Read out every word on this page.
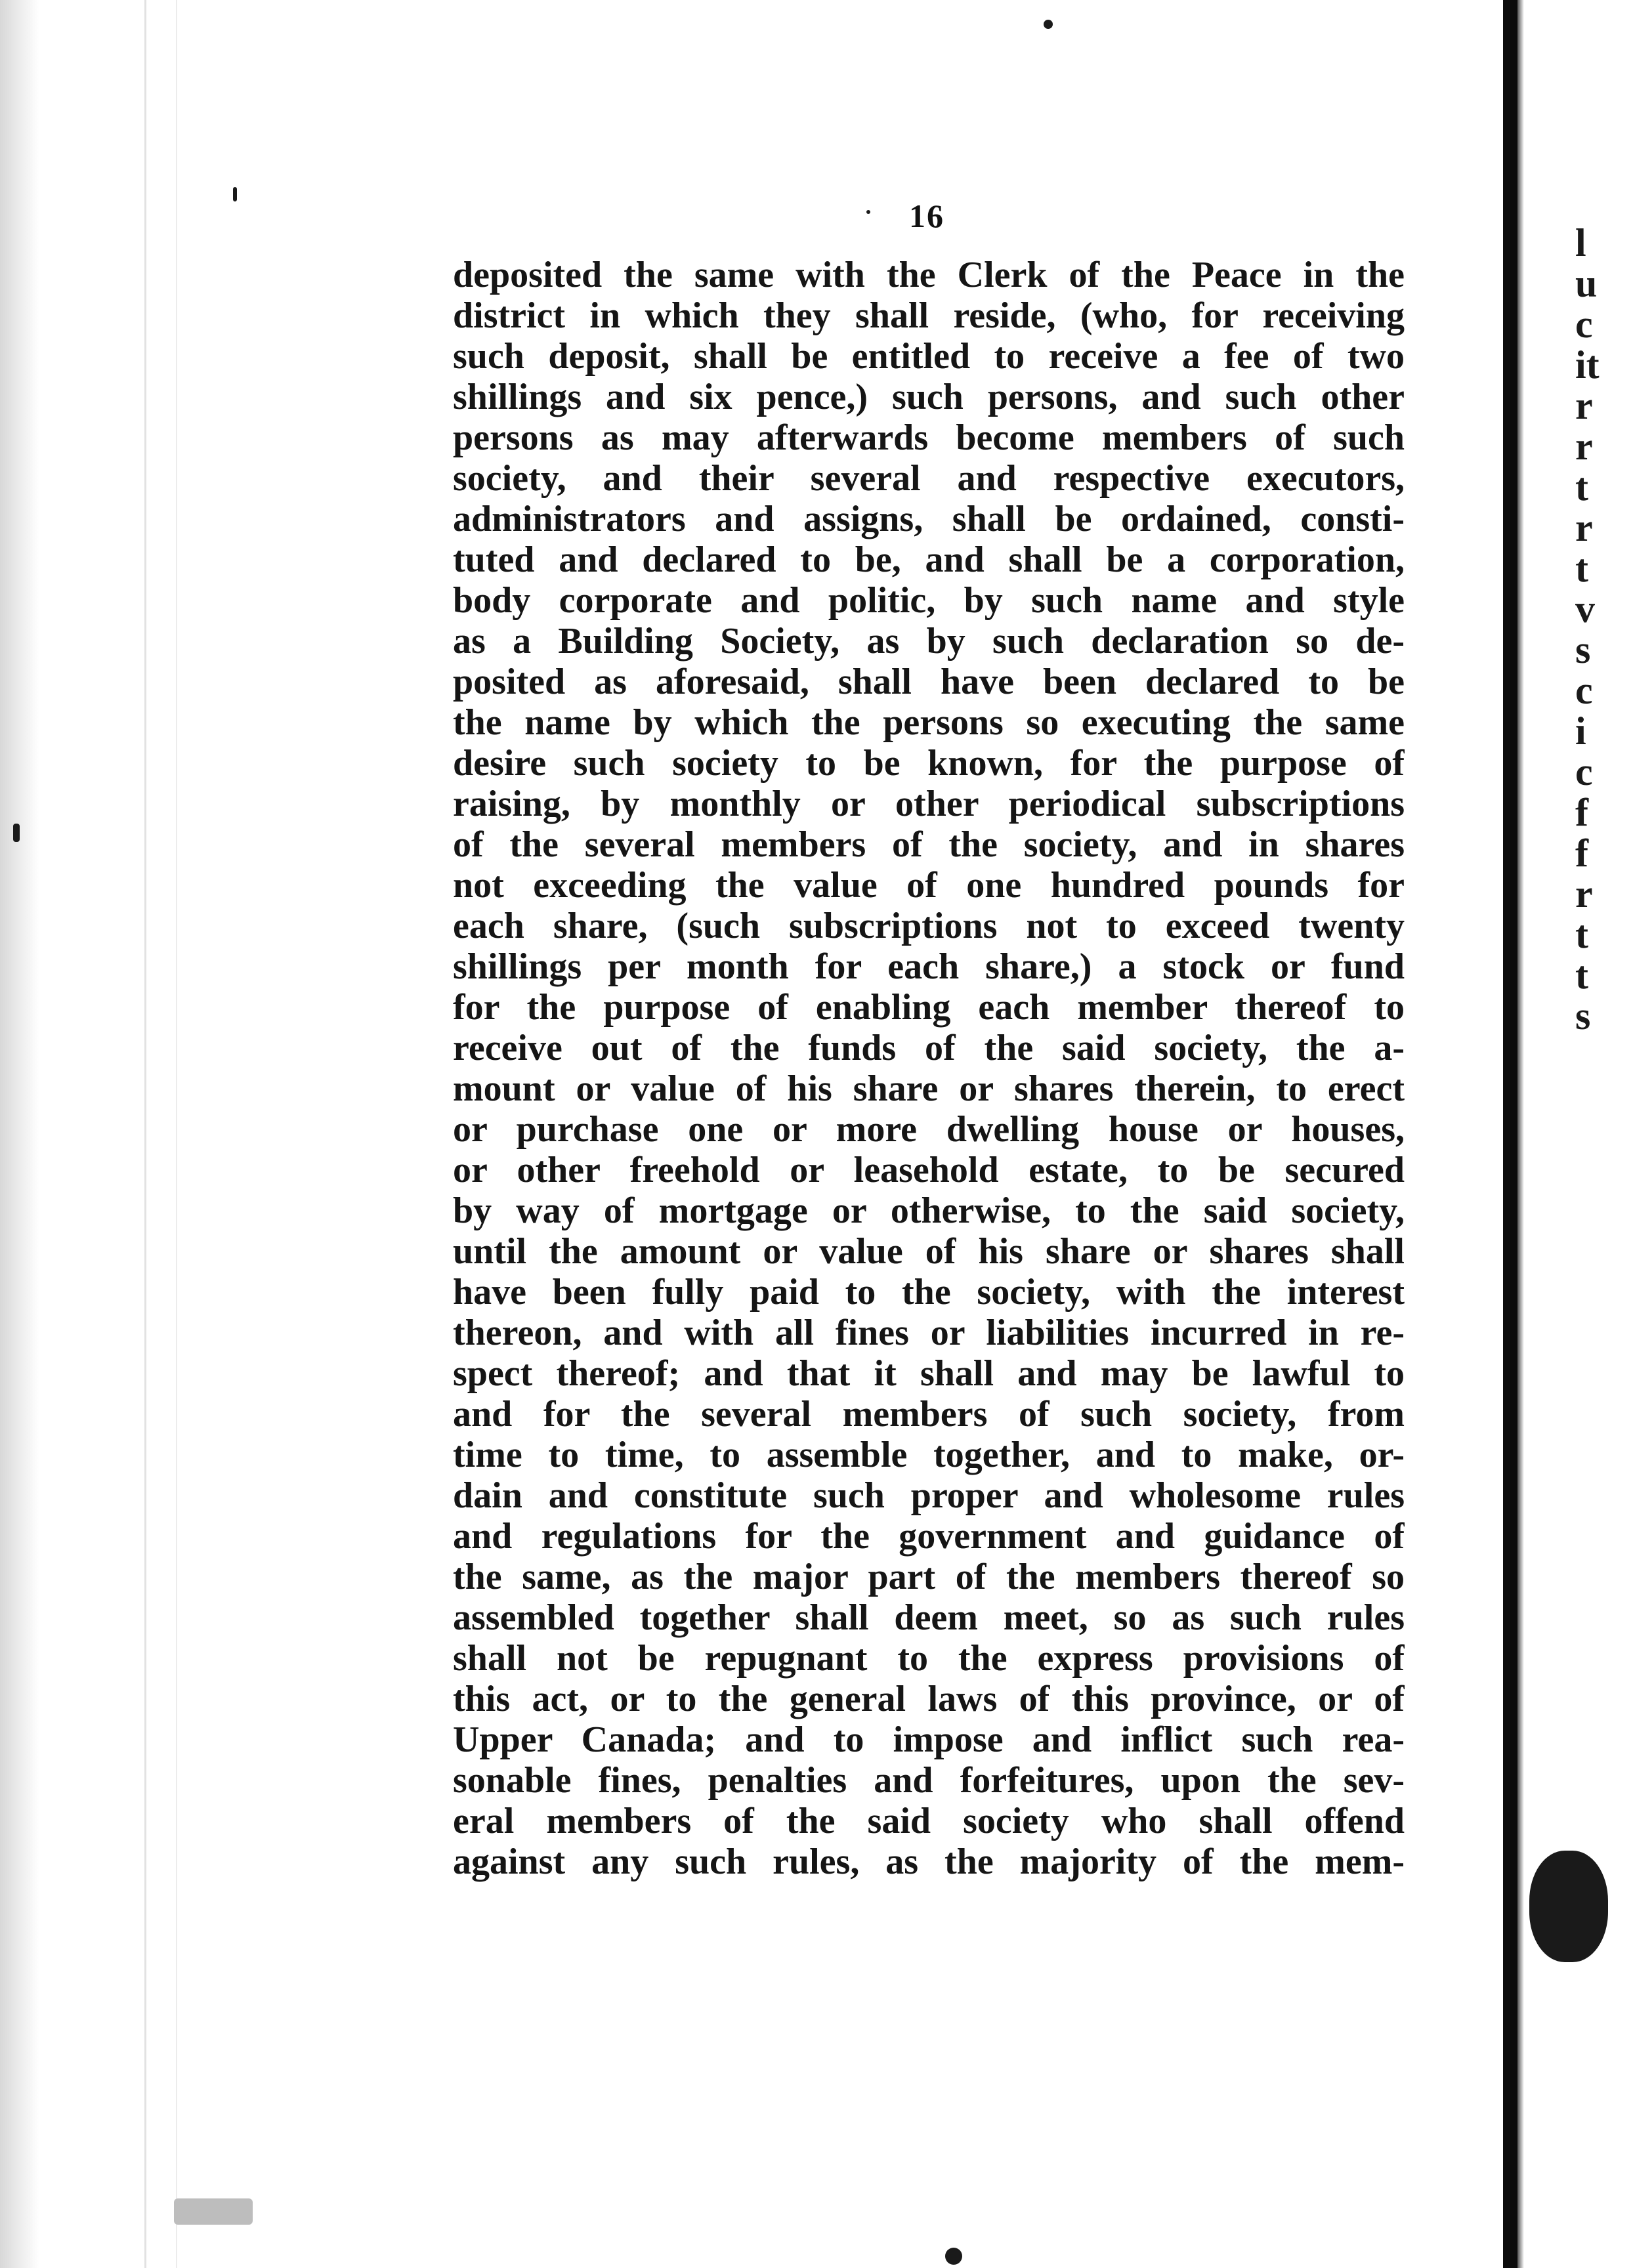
16
deposited the same with the Clerk of the Peace in the
district in which they shall reside, (who, for receiving
such deposit, shall be entitled to receive a fee of two
shillings and six pence,) such persons, and such other
persons as may afterwards become members of such
society, and their several and respective executors,
administrators and assigns, shall be ordained, consti-
tuted and declared to be, and shall be a corporation,
body corporate and politic, by such name and style
as a Building Society, as by such declaration so de-
posited as aforesaid, shall have been declared to be
the name by which the persons so executing the same
desire such society to be known, for the purpose of
raising, by monthly or other periodical subscriptions
of the several members of the society, and in shares
not exceeding the value of one hundred pounds for
each share, (such subscriptions not to exceed twenty
shillings per month for each share,) a stock or fund
for the purpose of enabling each member thereof to
receive out of the funds of the said society, the a-
mount or value of his share or shares therein, to erect
or purchase one or more dwelling house or houses,
or other freehold or leasehold estate, to be secured
by way of mortgage or otherwise, to the said society,
until the amount or value of his share or shares shall
have been fully paid to the society, with the interest
thereon, and with all fines or liabilities incurred in re-
spect thereof; and that it shall and may be lawful to
and for the several members of such society, from
time to time, to assemble together, and to make, or-
dain and constitute such proper and wholesome rules
and regulations for the government and guidance of
the same, as the major part of the members thereof so
assembled together shall deem meet, so as such rules
shall not be repugnant to the express provisions of
this act, or to the general laws of this province, or of
Upper Canada; and to impose and inflict such rea-
sonable fines, penalties and forfeitures, upon the sev-
eral members of the said society who shall offend
against any such rules, as the majority of the mem-
l
u
c
it
r
r
t
r
t
v
s
c
i
c
f
f
r
t
t
s
